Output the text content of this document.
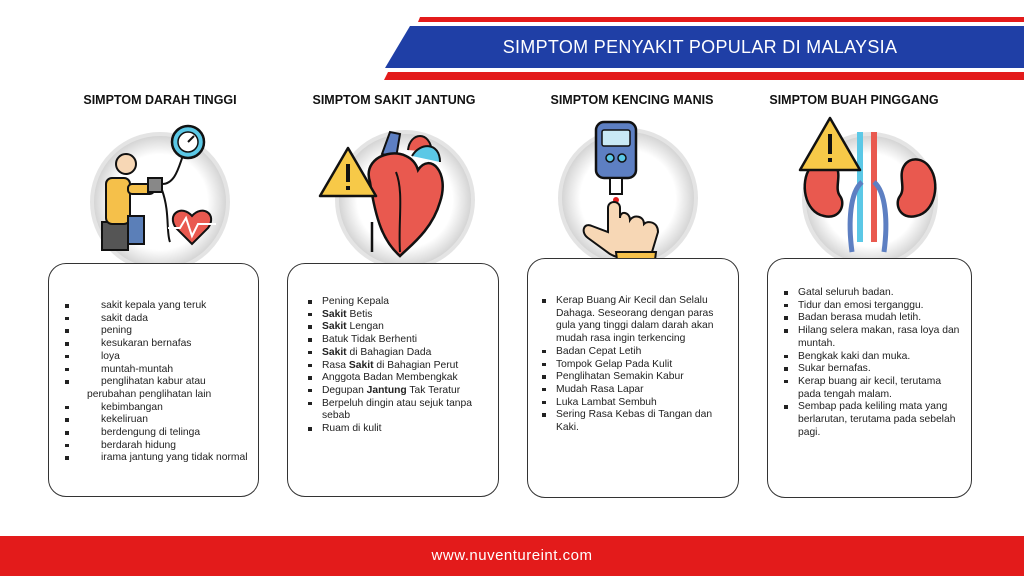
SIMPTOM PENYAKIT POPULAR DI MALAYSIA
SIMPTOM DARAH TINGGI	SIMPTOM SAKIT JANTUNG	SIMPTOM KENCING MANIS	SIMPTOM BUAH PINGGANG
sakit kepala yang teruk
sakit dada
pening
kesukaran bernafas
loya
muntah-muntah
penglihatan kabur atau perubahan penglihatan lain
kebimbangan
kekeliruan
berdengung di telinga
berdarah hidung
irama jantung yang tidak normal
Pening Kepala
Sakit Betis
Sakit Lengan
Batuk Tidak Berhenti
Sakit di Bahagian Dada
Rasa Sakit di Bahagian Perut
Anggota Badan Membengkak
Degupan Jantung Tak Teratur
Berpeluh dingin atau sejuk tanpa sebab
Ruam di kulit
Kerap Buang Air Kecil dan Selalu Dahaga. Seseorang dengan paras gula yang tinggi dalam darah akan mudah rasa ingin terkencing
Badan Cepat Letih
Tompok Gelap Pada Kulit
Penglihatan Semakin Kabur
Mudah Rasa Lapar
Luka Lambat Sembuh
Sering Rasa Kebas di Tangan dan Kaki.
Gatal seluruh badan.
Tidur dan emosi terganggu.
Badan berasa mudah letih.
Hilang selera makan, rasa loya dan muntah.
Bengkak kaki dan muka.
Sukar bernafas.
Kerap buang air kecil, terutama pada tengah malam.
Sembap pada keliling mata yang berlarutan, terutama pada sebelah pagi.
www.nuventureint.com
